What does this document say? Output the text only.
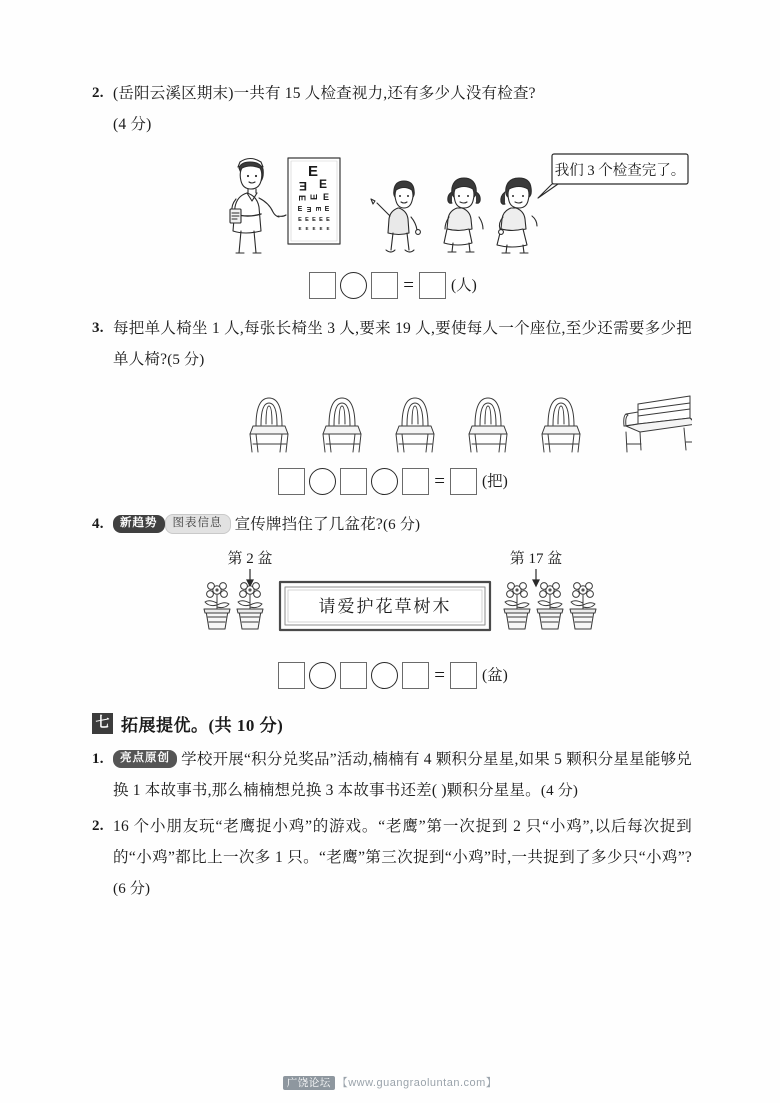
2. (岳阳云溪区期末)一共有 15 人检查视力,还有多少人没有检查?
(4 分)
E
E E
E E E
E E E E
E E E E E
E E E E E
我们 3 个检查完了。
= (人)
3. 每把单人椅坐 1 人,每张长椅坐 3 人,要来 19 人,要使每人一个座位,至少还需要多少把单人椅?(5 分)
= (把)
4.	新趋势 图表信息 宣传牌挡住了几盆花?(6 分)
第 2 盆	第 17 盆
请爱护花草树木
= (盆)
七 拓展提优。(共 10 分)
1.	亮点原创 学校开展“积分兑奖品”活动,楠楠有 4 颗积分星星,如果 5 颗积分星星能够兑换 1 本故事书,那么楠楠想兑换 3 本故事书还差( )颗积分星星。(4 分)
2. 16 个小朋友玩“老鹰捉小鸡”的游戏。“老鹰”第一次捉到 2 只“小鸡”,以后每次捉到的“小鸡”都比上一次多 1 只。“老鹰”第三次捉到“小鸡”时,一共捉到了多少只“小鸡”?(6 分)
广饶论坛 【www.guangraoluntan.com】
